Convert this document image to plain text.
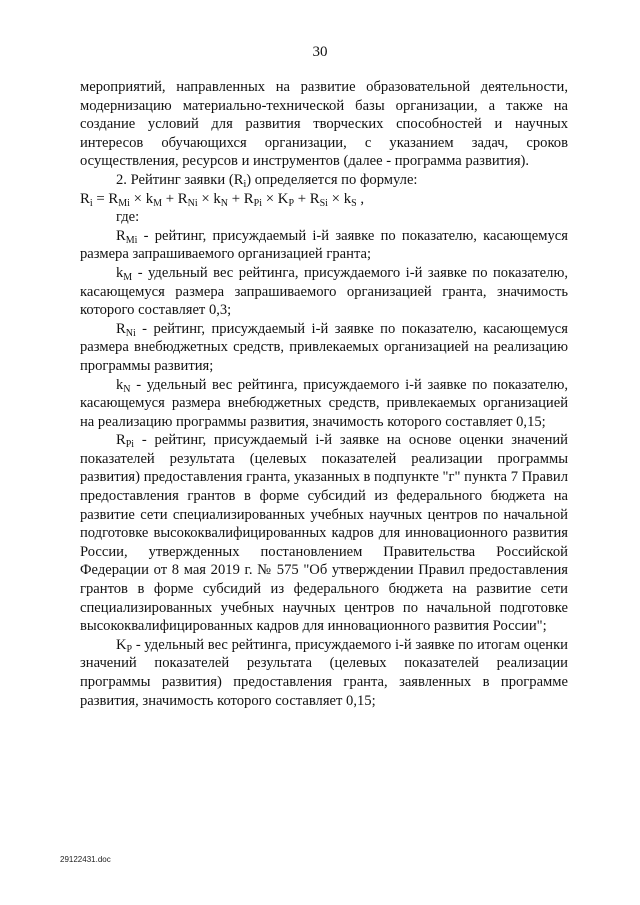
30

мероприятий, направленных на развитие образовательной деятельности, модернизацию материально-технической базы организации, а также на создание условий для развития творческих способностей и научных интересов обучающихся организации, с указанием задач, сроков осуществления, ресурсов и инструментов (далее - программа развития).

2. Рейтинг заявки $(R_i)$ определяется по формуле:

$R_i = R_{Mi} \times k_M + R_{Ni} \times k_N + R_{Pi} \times K_P + R_{Si} \times k_S$ ,

где:

$R_{Mi}$ - рейтинг, присуждаемый i-й заявке по показателю, касающемуся размера запрашиваемого организацией гранта;

$k_M$ - удельный вес рейтинга, присуждаемого i-й заявке по показателю, касающемуся размера запрашиваемого организацией гранта, значимость которого составляет 0,3;

$R_{Ni}$ - рейтинг, присуждаемый i-й заявке по показателю, касающемуся размера внебюджетных средств, привлекаемых организацией на реализацию программы развития;

$k_N$ - удельный вес рейтинга, присуждаемого i-й заявке по показателю, касающемуся размера внебюджетных средств, привлекаемых организацией на реализацию программы развития, значимость которого составляет 0,15;

$R_{Pi}$ - рейтинг, присуждаемый i-й заявке на основе оценки значений показателей результата (целевых показателей реализации программы развития) предоставления гранта, указанных в подпункте "г" пункта 7 Правил предоставления грантов в форме субсидий из федерального бюджета на развитие сети специализированных учебных научных центров по начальной подготовке высококвалифицированных кадров для инновационного развития России, утвержденных постановлением Правительства Российской Федерации от 8 мая 2019 г. № 575 "Об утверждении Правил предоставления грантов в форме субсидий из федерального бюджета на развитие сети специализированных учебных научных центров по начальной подготовке высококвалифицированных кадров для инновационного развития России";

$K_P$ - удельный вес рейтинга, присуждаемого i-й заявке по итогам оценки значений показателей результата (целевых показателей реализации программы развития) предоставления гранта, заявленных в программе развития, значимость которого составляет 0,15;

29122431.doc
